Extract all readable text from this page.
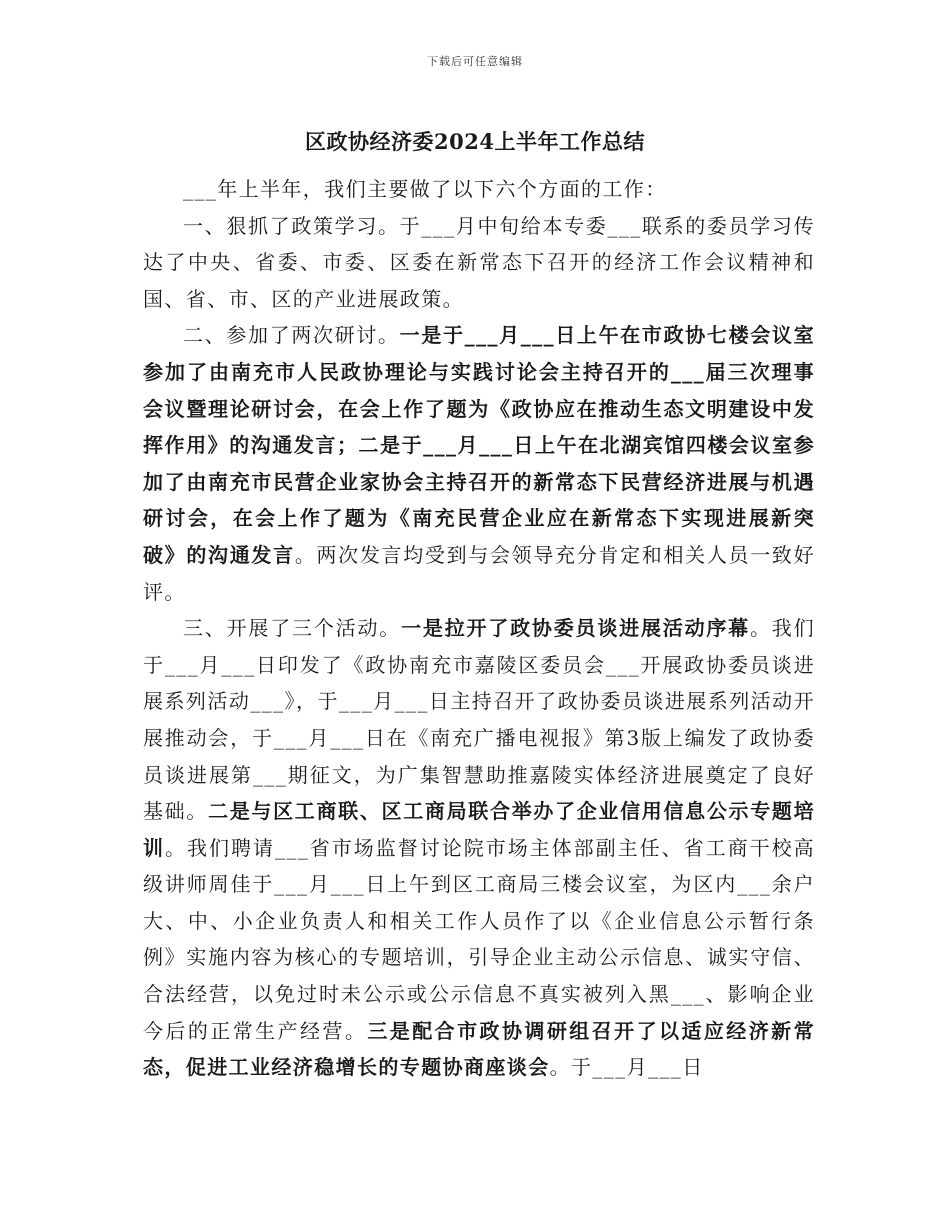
下载后可任意编辑
区政协经济委2024上半年工作总结

___年上半年，我们主要做了以下六个方面的工作：

一、狠抓了政策学习。于___月中旬给本专委___联系的委员学习传达了中央、省委、市委、区委在新常态下召开的经济工作会议精神和国、省、市、区的产业进展政策。

二、参加了两次研讨。一是于___月___日上午在市政协七楼会议室参加了由南充市人民政协理论与实践讨论会主持召开的___届三次理事会议暨理论研讨会，在会上作了题为《政协应在推动生态文明建设中发挥作用》的沟通发言；二是于___月___日上午在北湖宾馆四楼会议室参加了由南充市民营企业家协会主持召开的新常态下民营经济进展与机遇研讨会，在会上作了题为《南充民营企业应在新常态下实现进展新突破》的沟通发言。两次发言均受到与会领导充分肯定和相关人员一致好评。

三、开展了三个活动。一是拉开了政协委员谈进展活动序幕。我们于___月___日印发了《政协南充市嘉陵区委员会___开展政协委员谈进展系列活动___》，于___月___日主持召开了政协委员谈进展系列活动开展推动会，于___月___日在《南充广播电视报》第3版上编发了政协委员谈进展第___期征文，为广集智慧助推嘉陵实体经济进展奠定了良好基础。二是与区工商联、区工商局联合举办了企业信用信息公示专题培训。我们聘请___省市场监督讨论院市场主体部副主任、省工商干校高级讲师周佳于___月___日上午到区工商局三楼会议室，为区内___余户大、中、小企业负责人和相关工作人员作了以《企业信息公示暂行条例》实施内容为核心的专题培训，引导企业主动公示信息、诚实守信、合法经营，以免过时未公示或公示信息不真实被列入黑___、影响企业今后的正常生产经营。三是配合市政协调研组召开了以适应经济新常态，促进工业经济稳增长的专题协商座谈会。于___月___日
